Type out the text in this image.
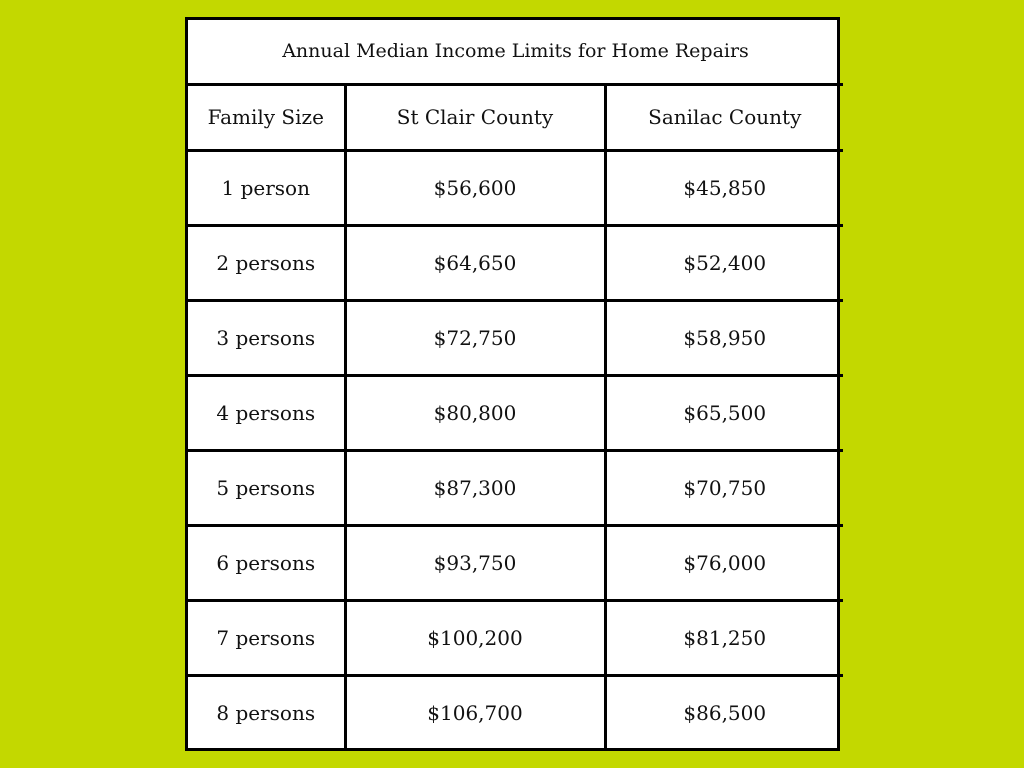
Annual Median Income Limits for Home Repairs		
Family Size	St Clair County	Sanilac County
1 person	$56,600	$45,850
2 persons	$64,650	$52,400
3 persons	$72,750	$58,950
4 persons	$80,800	$65,500
5 persons	$87,300	$70,750
6 persons	$93,750	$76,000
7 persons	$100,200	$81,250
8 persons	$106,700	$86,500
